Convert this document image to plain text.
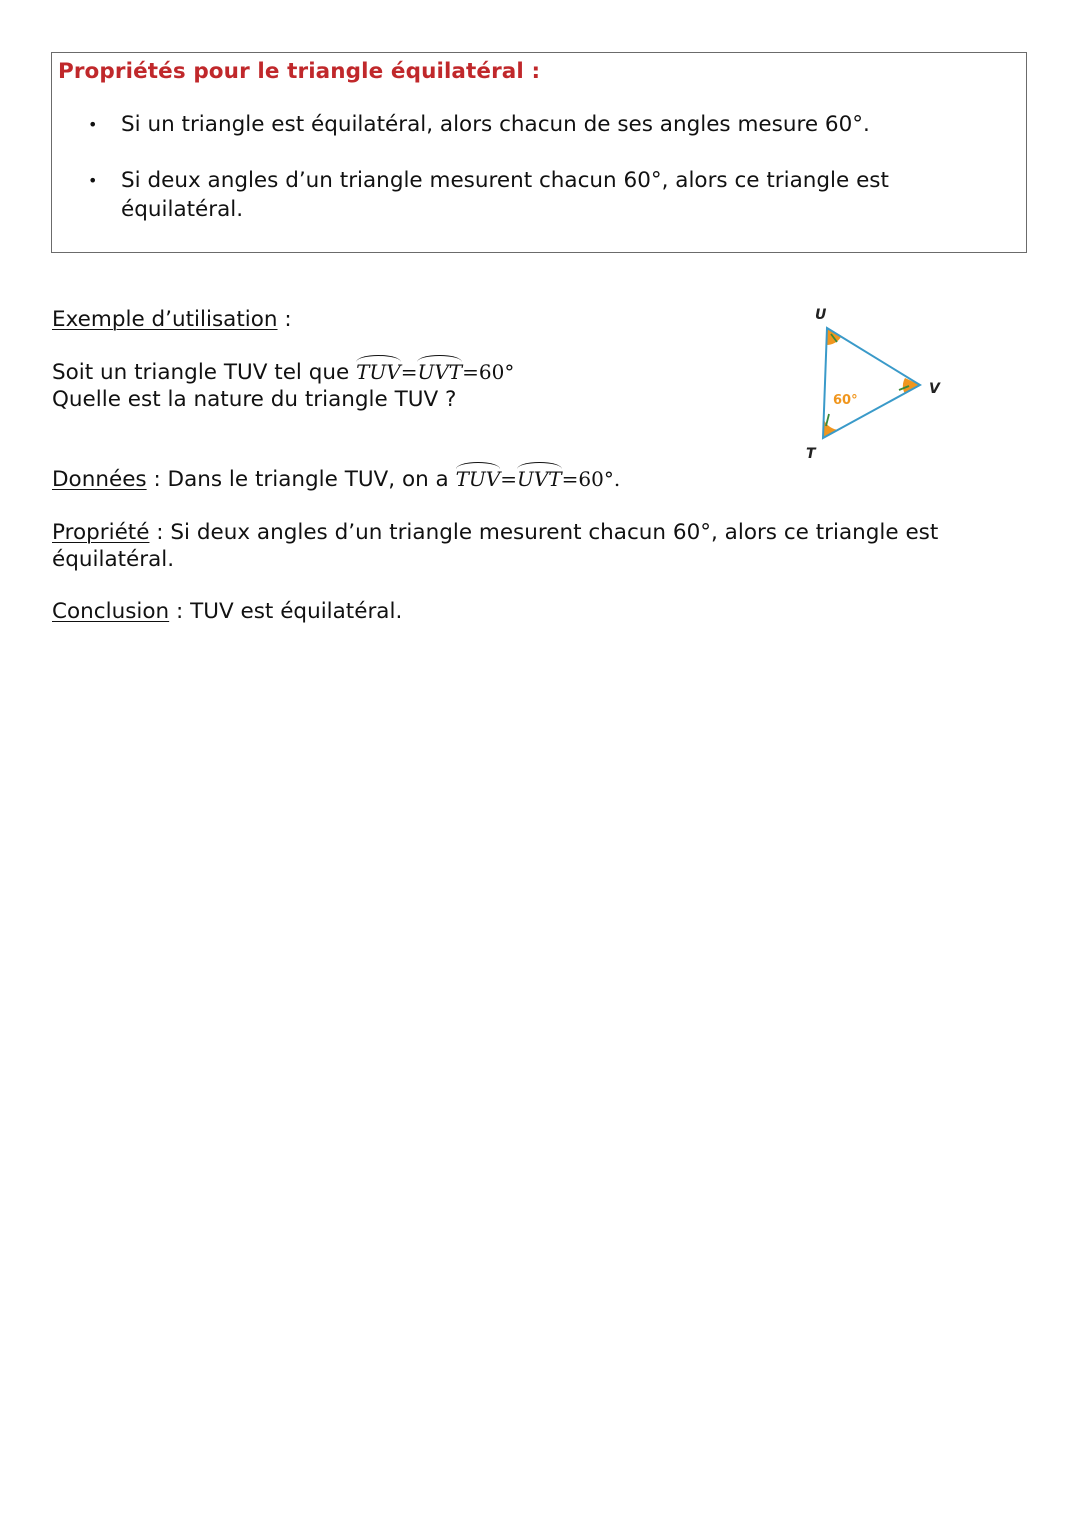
Propriétés pour le triangle équilatéral :
• Si un triangle est équilatéral, alors chacun de ses angles mesure 60°.
• Si deux angles d’un triangle mesurent chacun 60°, alors ce triangle est équilatéral.
Exemple d’utilisation :
Soit un triangle TUV tel que TUV=UVT=60°
Quelle est la nature du triangle TUV ?
U
V
T
60°
Données : Dans le triangle TUV, on a TUV=UVT=60°.
Propriété : Si deux angles d’un triangle mesurent chacun 60°, alors ce triangle est équilatéral.
Conclusion : TUV est équilatéral.
